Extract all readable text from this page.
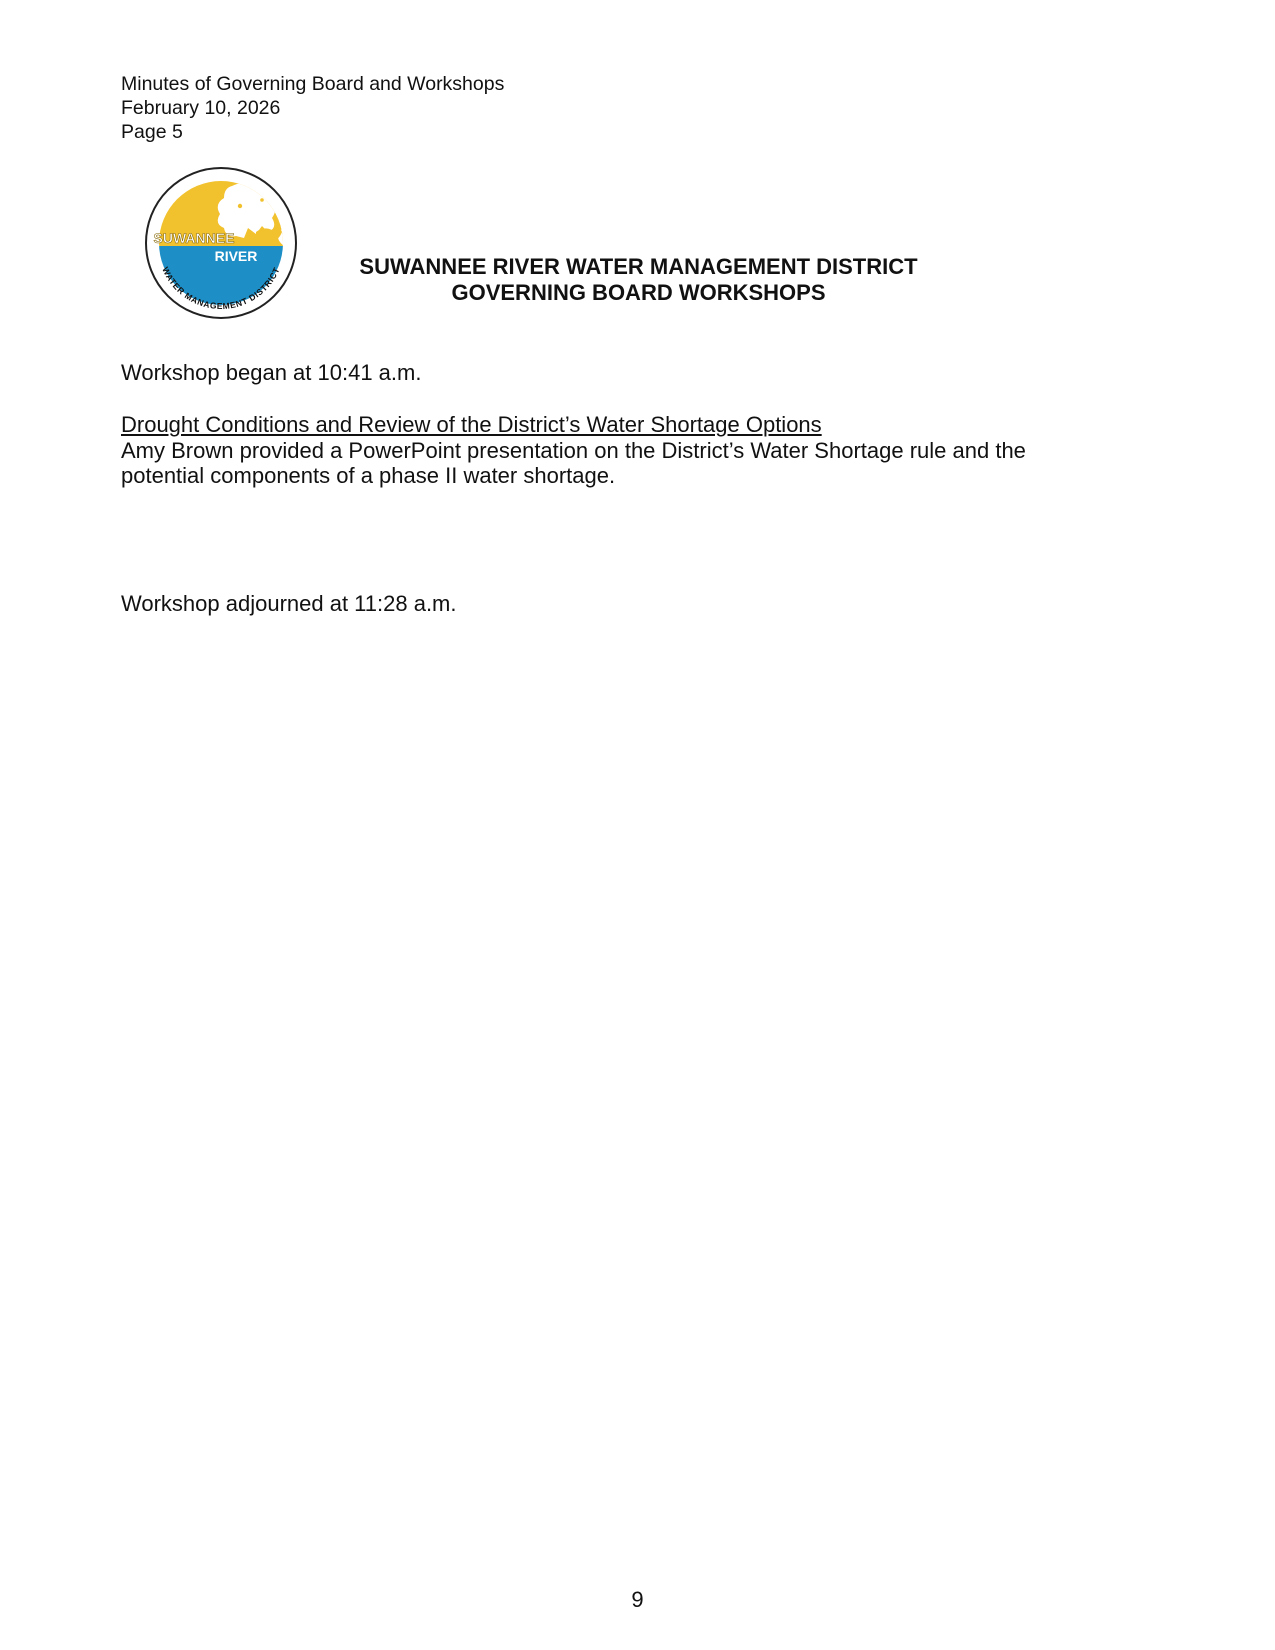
Minutes of Governing Board and Workshops
February 10, 2026
Page 5
SUWANNEE
RIVER
WATER MANAGEMENT DISTRICT	SUWANNEE RIVER WATER MANAGEMENT DISTRICT
GOVERNING BOARD WORKSHOPS
Workshop began at 10:41 a.m.
Drought Conditions and Review of the District’s Water Shortage Options
Amy Brown provided a PowerPoint presentation on the District’s Water Shortage rule and the
potential components of a phase II water shortage.
Workshop adjourned at 11:28 a.m.
9
